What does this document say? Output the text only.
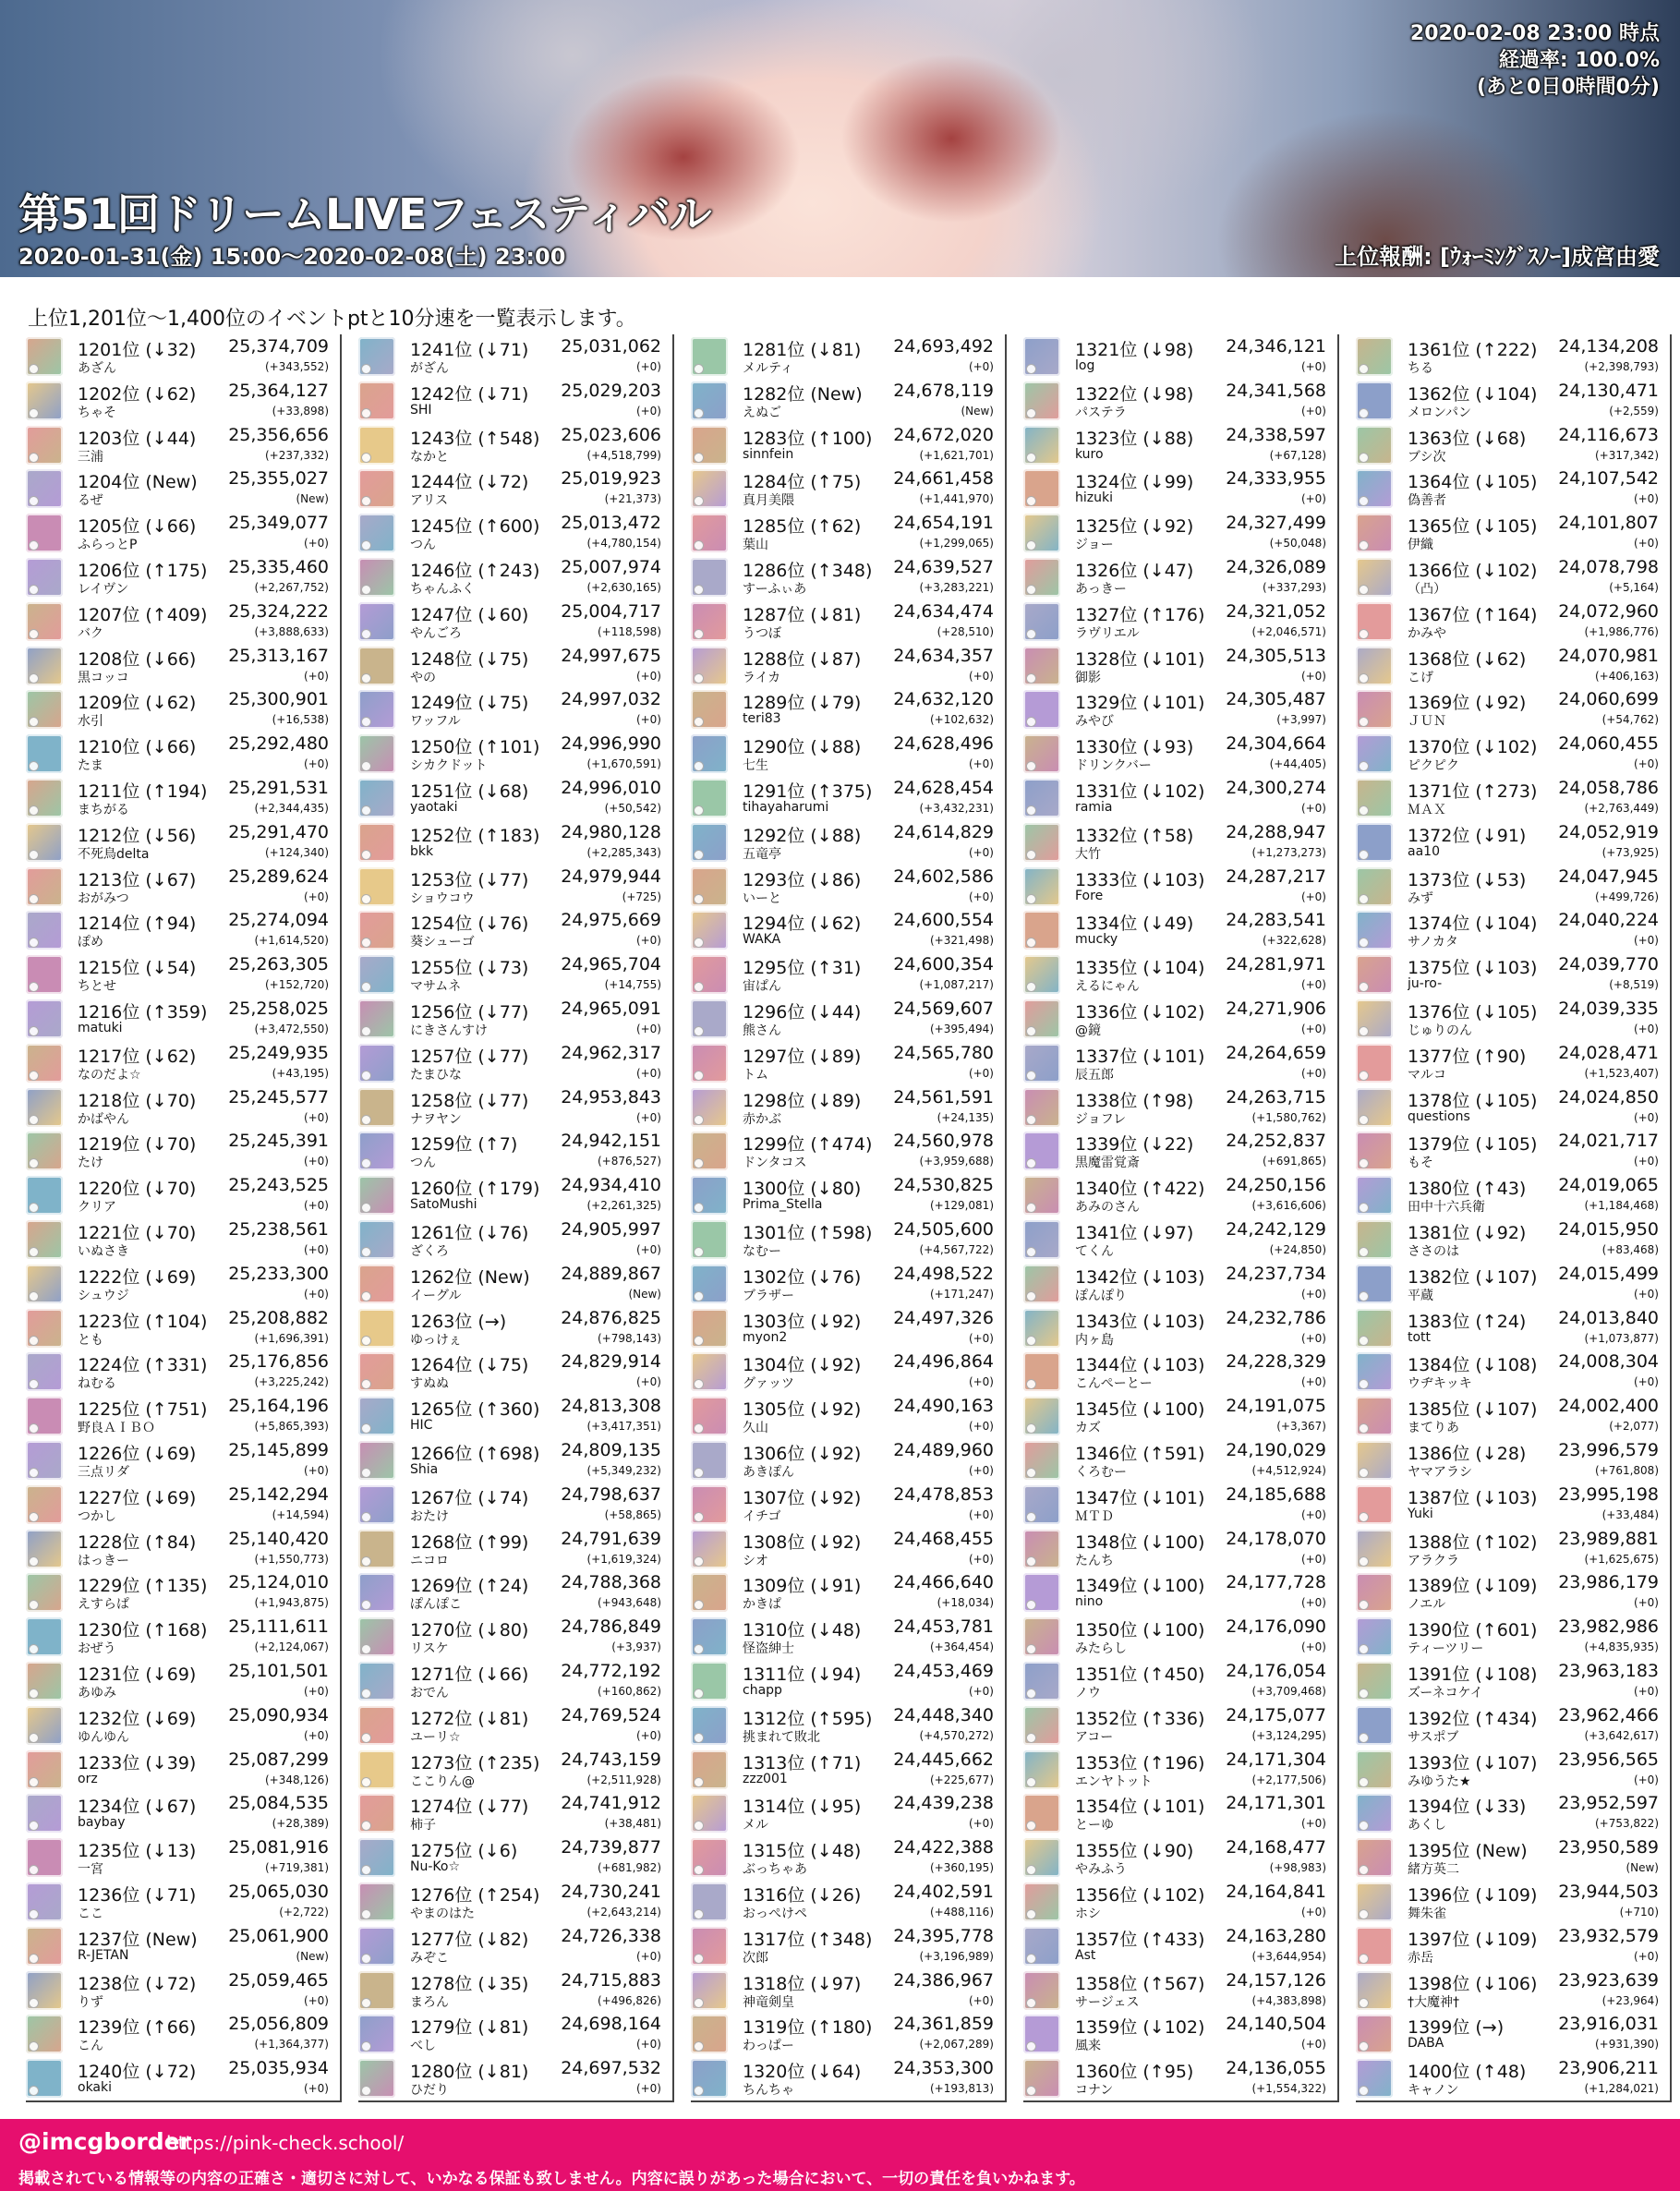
2020-02-08 23:00 時点
経過率: 100.0%
(あと0日0時間0分)
第51回ドリームLIVEフェスティバル
2020-01-31(金) 15:00～2020-02-08(土) 23:00	上位報酬: [ｳｫｰﾐﾝｸﾞｽﾉｰ]成宮由愛
上位1,201位～1,400位のイベントptと10分速を一覧表示します。
1201位 (↓32) 25,374,709
あざん	(+343,552)
1202位 (↓62) 25,364,127
ちゃそ	(+33,898)
1203位 (↓44) 25,356,656
三浦	(+237,332)
1204位 (New) 25,355,027
るぜ	(New)
1205位 (↓66) 25,349,077
ふらっとP	(+0)
1206位 (↑175) 25,335,460
レイヴン	(+2,267,752)
1207位 (↑409) 25,324,222
バク	(+3,888,633)
1208位 (↓66) 25,313,167
黒コッコ	(+0)
1209位 (↓62) 25,300,901
水引	(+16,538)
1210位 (↓66) 25,292,480
たま	(+0)
1211位 (↑194) 25,291,531
まちがる	(+2,344,435)
1212位 (↓56) 25,291,470
不死鳥delta	(+124,340)
1213位 (↓67) 25,289,624
おがみつ	(+0)
1214位 (↑94) 25,274,094
ぽめ	(+1,614,520)
1215位 (↓54) 25,263,305
ちとせ	(+152,720)
1216位 (↑359) 25,258,025
matuki	(+3,472,550)
1217位 (↓62) 25,249,935
なのだよ☆	(+43,195)
1218位 (↓70) 25,245,577
かばやん	(+0)
1219位 (↓70) 25,245,391
たけ	(+0)
1220位 (↓70) 25,243,525
クリア	(+0)
1221位 (↓70) 25,238,561
いぬさき	(+0)
1222位 (↓69) 25,233,300
シュウジ	(+0)
1223位 (↑104) 25,208,882
とも	(+1,696,391)
1224位 (↑331) 25,176,856
ねむる	(+3,225,242)
1225位 (↑751) 25,164,196
野良ＡＩＢＯ	(+5,865,393)
1226位 (↓69) 25,145,899
三点リダ	(+0)
1227位 (↓69) 25,142,294
つかし	(+14,594)
1228位 (↑84) 25,140,420
はっきー	(+1,550,773)
1229位 (↑135) 25,124,010
えすらぱ	(+1,943,875)
1230位 (↑168) 25,111,611
おぜう	(+2,124,067)
1231位 (↓69) 25,101,501
あゆみ	(+0)
1232位 (↓69) 25,090,934
ゆんゆん	(+0)
1233位 (↓39) 25,087,299
orz	(+348,126)
1234位 (↓67) 25,084,535
baybay	(+28,389)
1235位 (↓13) 25,081,916
一宮	(+719,381)
1236位 (↓71) 25,065,030
ここ	(+2,722)
1237位 (New) 25,061,900
R-JETAN	(New)
1238位 (↓72) 25,059,465
りず	(+0)
1239位 (↑66) 25,056,809
こん	(+1,364,377)
1240位 (↓72) 25,035,934
okaki	(+0)
1241位 (↓71) 25,031,062
がざん	(+0)
1242位 (↓71) 25,029,203
SHI	(+0)
1243位 (↑548) 25,023,606
なかと	(+4,518,799)
1244位 (↓72) 25,019,923
アリス	(+21,373)
1245位 (↑600) 25,013,472
つん	(+4,780,154)
1246位 (↑243) 25,007,974
ちゃんふく	(+2,630,165)
1247位 (↓60) 25,004,717
やんごろ	(+118,598)
1248位 (↓75) 24,997,675
やの	(+0)
1249位 (↓75) 24,997,032
ワッフル	(+0)
1250位 (↑101) 24,996,990
シカクドット	(+1,670,591)
1251位 (↓68) 24,996,010
yaotaki	(+50,542)
1252位 (↑183) 24,980,128
bkk	(+2,285,343)
1253位 (↓77) 24,979,944
ショウコウ	(+725)
1254位 (↓76) 24,975,669
葵シューゴ	(+0)
1255位 (↓73) 24,965,704
マサムネ	(+14,755)
1256位 (↓77) 24,965,091
にきさんすけ	(+0)
1257位 (↓77) 24,962,317
たまひな	(+0)
1258位 (↓77) 24,953,843
ナヲヤン	(+0)
1259位 (↑7) 24,942,151
つん	(+876,527)
1260位 (↑179) 24,934,410
SatoMushi	(+2,261,325)
1261位 (↓76) 24,905,997
ざくろ	(+0)
1262位 (New) 24,889,867
イーグル	(New)
1263位 (→)	24,876,825
ゆっけぇ	(+798,143)
1264位 (↓75) 24,829,914
すぬぬ	(+0)
1265位 (↑360) 24,813,308
HIC	(+3,417,351)
1266位 (↑698) 24,809,135
Shia	(+5,349,232)
1267位 (↓74) 24,798,637
おたけ	(+58,865)
1268位 (↑99) 24,791,639
ニコロ	(+1,619,324)
1269位 (↑24) 24,788,368
ぽんぽこ	(+943,648)
1270位 (↓80) 24,786,849
リスケ	(+3,937)
1271位 (↓66) 24,772,192
おでん	(+160,862)
1272位 (↓81) 24,769,524
ユーリ☆	(+0)
1273位 (↑235) 24,743,159
ここりん@	(+2,511,928)
1274位 (↓77) 24,741,912
柿子	(+38,481)
1275位 (↓6) 24,739,877
Nu-Ko☆	(+681,982)
1276位 (↑254) 24,730,241
やまのはた	(+2,643,214)
1277位 (↓82) 24,726,338
みぞこ	(+0)
1278位 (↓35) 24,715,883
まろん	(+496,826)
1279位 (↓81) 24,698,164
べし	(+0)
1280位 (↓81) 24,697,532
ひだり	(+0)
1281位 (↓81) 24,693,492
メルティ	(+0)
1282位 (New) 24,678,119
えぬご	(New)
1283位 (↑100) 24,672,020
sinnfein	(+1,621,701)
1284位 (↑75) 24,661,458
真月美隈	(+1,441,970)
1285位 (↑62) 24,654,191
葉山	(+1,299,065)
1286位 (↑348) 24,639,527
すーふぃあ	(+3,283,221)
1287位 (↓81) 24,634,474
うつぼ	(+28,510)
1288位 (↓87) 24,634,357
ライカ	(+0)
1289位 (↓79) 24,632,120
teri83	(+102,632)
1290位 (↓88) 24,628,496
七生	(+0)
1291位 (↑375) 24,628,454
tihayaharumi	(+3,432,231)
1292位 (↓88) 24,614,829
五竜亭	(+0)
1293位 (↓86) 24,602,586
いーと	(+0)
1294位 (↓62) 24,600,554
WAKA	(+321,498)
1295位 (↑31) 24,600,354
宙ぱん	(+1,087,217)
1296位 (↓44) 24,569,607
熊さん	(+395,494)
1297位 (↓89) 24,565,780
トム	(+0)
1298位 (↓89) 24,561,591
赤かぶ	(+24,135)
1299位 (↑474) 24,560,978
ドンタコス	(+3,959,688)
1300位 (↓80) 24,530,825
Prima_Stella	(+129,081)
1301位 (↑598) 24,505,600
なむー	(+4,567,722)
1302位 (↓76) 24,498,522
ブラザー	(+171,247)
1303位 (↓92) 24,497,326
myon2	(+0)
1304位 (↓92) 24,496,864
グァッツ	(+0)
1305位 (↓92) 24,490,163
久山	(+0)
1306位 (↓92) 24,489,960
あきぽん	(+0)
1307位 (↓92) 24,478,853
イチゴ	(+0)
1308位 (↓92) 24,468,455
シオ	(+0)
1309位 (↓91) 24,466,640
かきぱ	(+18,034)
1310位 (↓48) 24,453,781
怪盗紳士	(+364,454)
1311位 (↓94) 24,453,469
chapp	(+0)
1312位 (↑595) 24,448,340
挑まれて敗北	(+4,570,272)
1313位 (↑71) 24,445,662
zzz001	(+225,677)
1314位 (↓95) 24,439,238
メル	(+0)
1315位 (↓48) 24,422,388
ぶっちゃあ	(+360,195)
1316位 (↓26) 24,402,591
おっぺけペ	(+488,116)
1317位 (↑348) 24,395,778
次郎	(+3,196,989)
1318位 (↓97) 24,386,967
神竜剣皇	(+0)
1319位 (↑180) 24,361,859
わっぱー	(+2,067,289)
1320位 (↓64) 24,353,300
ちんちゃ	(+193,813)
1321位 (↓98) 24,346,121
log	(+0)
1322位 (↓98) 24,341,568
パステラ	(+0)
1323位 (↓88) 24,338,597
kuro	(+67,128)
1324位 (↓99) 24,333,955
hizuki	(+0)
1325位 (↓92) 24,327,499
ジョー	(+50,048)
1326位 (↓47) 24,326,089
あっきー	(+337,293)
1327位 (↑176) 24,321,052
ラヴリエル	(+2,046,571)
1328位 (↓101) 24,305,513
御影	(+0)
1329位 (↓101) 24,305,487
みやび	(+3,997)
1330位 (↓93) 24,304,664
ドリンクバー	(+44,405)
1331位 (↓102) 24,300,274
ramia	(+0)
1332位 (↑58) 24,288,947
大竹	(+1,273,273)
1333位 (↓103) 24,287,217
Fore	(+0)
1334位 (↓49) 24,283,541
mucky	(+322,628)
1335位 (↓104) 24,281,971
えるにゃん	(+0)
1336位 (↓102) 24,271,906
@鏡	(+0)
1337位 (↓101) 24,264,659
辰五郎	(+0)
1338位 (↑98) 24,263,715
ジョフレ	(+1,580,762)
1339位 (↓22) 24,252,837
黒魔雷覚斎	(+691,865)
1340位 (↑422) 24,250,156
あみのさん	(+3,616,606)
1341位 (↓97) 24,242,129
てくん	(+24,850)
1342位 (↓103) 24,237,734
ぽんぽり	(+0)
1343位 (↓103) 24,232,786
内ヶ島	(+0)
1344位 (↓103) 24,228,329
こんぺーとー	(+0)
1345位 (↓100) 24,191,075
カズ	(+3,367)
1346位 (↑591) 24,190,029
くろむー	(+4,512,924)
1347位 (↓101) 24,185,688
ＭＴＤ	(+0)
1348位 (↓100) 24,178,070
たんち	(+0)
1349位 (↓100) 24,177,728
nino	(+0)
1350位 (↓100) 24,176,090
みたらし	(+0)
1351位 (↑450) 24,176,054
ノウ	(+3,709,468)
1352位 (↑336) 24,175,077
アコー	(+3,124,295)
1353位 (↑196) 24,171,304
エンヤトット	(+2,177,506)
1354位 (↓101) 24,171,301
とーゆ	(+0)
1355位 (↓90) 24,168,477
やみふう	(+98,983)
1356位 (↓102) 24,164,841
ホシ	(+0)
1357位 (↑433) 24,163,280
Ast	(+3,644,954)
1358位 (↑567) 24,157,126
サージェス	(+4,383,898)
1359位 (↓102) 24,140,504
風来	(+0)
1360位 (↑95) 24,136,055
コナン	(+1,554,322)
1361位 (↑222) 24,134,208
ちる	(+2,398,793)
1362位 (↓104) 24,130,471
メロンパン	(+2,559)
1363位 (↓68) 24,116,673
ブシ次	(+317,342)
1364位 (↓105) 24,107,542
偽善者	(+0)
1365位 (↓105) 24,101,807
伊織	(+0)
1366位 (↓102) 24,078,798
（凸）	(+5,164)
1367位 (↑164) 24,072,960
かみや	(+1,986,776)
1368位 (↓62) 24,070,981
こげ	(+406,163)
1369位 (↓92) 24,060,699
ＪＵＮ	(+54,762)
1370位 (↓102) 24,060,455
ピクピク	(+0)
1371位 (↑273) 24,058,786
ＭＡＸ	(+2,763,449)
1372位 (↓91) 24,052,919
aa10	(+73,925)
1373位 (↓53) 24,047,945
みず	(+499,726)
1374位 (↓104) 24,040,224
サノカタ	(+0)
1375位 (↓103) 24,039,770
ju-ro-	(+8,519)
1376位 (↓105) 24,039,335
じゅりのん	(+0)
1377位 (↑90) 24,028,471
マルコ	(+1,523,407)
1378位 (↓105) 24,024,850
questions	(+0)
1379位 (↓105) 24,021,717
もそ	(+0)
1380位 (↑43) 24,019,065
田中十六兵衛	(+1,184,468)
1381位 (↓92) 24,015,950
ささのは	(+83,468)
1382位 (↓107) 24,015,499
平蔵	(+0)
1383位 (↑24) 24,013,840
tott	(+1,073,877)
1384位 (↓108) 24,008,304
ウヂキッキ	(+0)
1385位 (↓107) 24,002,400
まてりあ	(+2,077)
1386位 (↓28) 23,996,579
ヤマアラシ	(+761,808)
1387位 (↓103) 23,995,198
Yuki	(+33,484)
1388位 (↑102) 23,989,881
アラクラ	(+1,625,675)
1389位 (↓109) 23,986,179
ノエル	(+0)
1390位 (↑601) 23,982,986
ティーツリー	(+4,835,935)
1391位 (↓108) 23,963,183
ズーネコケイ	(+0)
1392位 (↑434) 23,962,466
サスポブ	(+3,642,617)
1393位 (↓107) 23,956,565
みゆうた★	(+0)
1394位 (↓33) 23,952,597
あくし	(+753,822)
1395位 (New) 23,950,589
緒方英二	(New)
1396位 (↓109) 23,944,503
舞朱雀	(+710)
1397位 (↓109) 23,932,579
赤岳	(+0)
1398位 (↓106) 23,923,639
†大魔神†	(+23,964)
1399位 (→)	23,916,031
DABA	(+931,390)
1400位 (↑48) 23,906,211
キャノン	(+1,284,021)
@imcgborder
https://pink-check.school/
掲載されている情報等の内容の正確さ・適切さに対して、いかなる保証も致しません。内容に誤りがあった場合において、一切の責任を負いかねます。
